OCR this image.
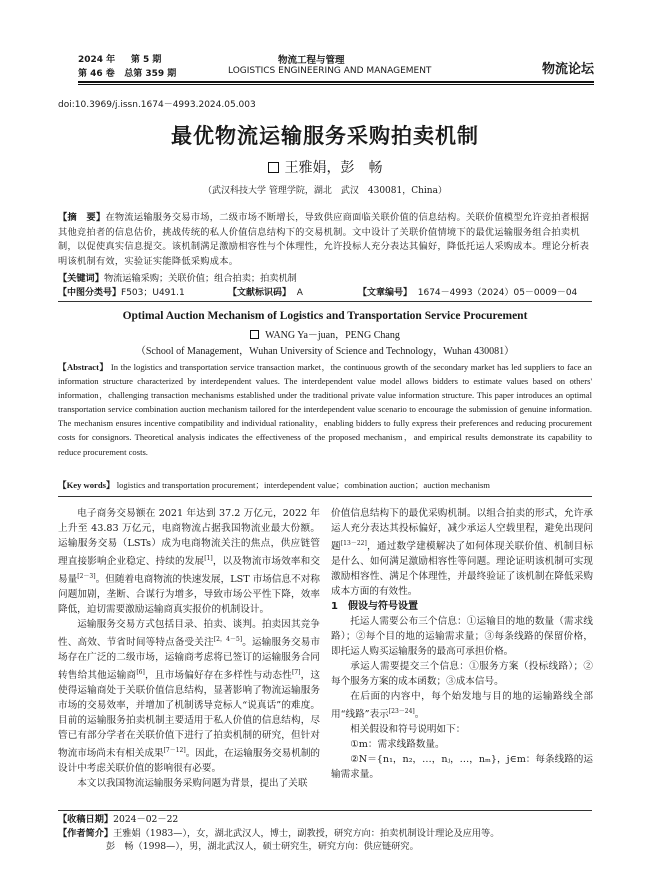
2024 年 第 5 期
第 46 卷 总第 359 期
物流工程与管理
LOGISTICS ENGINEERING AND MANAGEMENT	物流论坛
doi:10.3969/j.issn.1674－4993.2024.05.003
最优物流运输服务采购拍卖机制
王雅娟，彭　畅
（武汉科技大学 管理学院，湖北　武汉　430081，China）
【摘　要】在物流运输服务交易市场，二级市场不断增长，导致供应商面临关联价值的信息结构。关联价值模型允许竞拍者根据其他竞拍者的信息估价，挑战传统的私人价值信息结构下的交易机制。文中设计了关联价值情境下的最优运输服务组合拍卖机制，以促使真实信息提交。该机制满足激励相容性与个体理性，允许投标人充分表达其偏好，降低托运人采购成本。理论分析表明该机制有效，实验证实能降低采购成本。
【关键词】物流运输采购；关联价值；组合拍卖；拍卖机制
【中图分类号】F503；U491.1	【文献标识码】 A	【文章编号】 1674－4993（2024）05－0009－04
Optimal Auction Mechanism of Logistics and Transportation Service Procurement
WANG Ya－juan，PENG Chang
（School of Management，Wuhan University of Science and Technology，Wuhan 430081）
【Abstract】 In the logistics and transportation service transaction market，the continuous growth of the secondary market has led suppliers to face an information structure characterized by interdependent values. The interdependent value model allows bidders to estimate values based on others' information，challenging transaction mechanisms established under the traditional private value information structure. This paper introduces an optimal transportation service combination auction mechanism tailored for the interdependent value scenario to encourage the submission of genuine information. The mechanism ensures incentive compatibility and individual rationality，enabling bidders to fully express their preferences and reducing procurement costs for consignors. Theoretical analysis indicates the effectiveness of the proposed mechanism，and empirical results demonstrate its capability to reduce procurement costs.
【Key words】 logistics and transportation procurement；interdependent value；combination auction；auction mechanism

电子商务交易额在 2021 年达到 37.2 万亿元，2022 年上升至 43.83 万亿元，电商物流占据我国物流业最大份额。运输服务交易（LSTs）成为电商物流关注的焦点，供应链管理直接影响企业稳定、持续的发展[1]，以及物流市场效率和交易量[2－3]。但随着电商物流的快速发展，LST 市场信息不对称问题加剧，垄断、合谋行为增多，导致市场公平性下降，效率降低，迫切需要激励运输商真实报价的机制设计。

运输服务交易方式包括目录、拍卖、谈判。拍卖因其竞争性、高效、节省时间等特点备受关注[2，4－5]。运输服务交易市场存在广泛的二级市场，运输商考虑将已签订的运输服务合同转售给其他运输商[6]，且市场偏好存在多样性与动态性[7]，这使得运输商处于关联价值信息结构，显著影响了物流运输服务市场的交易效率，并增加了机制诱导竞标人“说真话”的难度。目前的运输服务拍卖机制主要适用于私人价值的信息结构，尽管已有部分学者在关联价值下进行了拍卖机制的研究，但针对物流市场尚未有相关成果[7－12]。因此，在运输服务交易机制的设计中考虑关联价值的影响很有必要。

本文以我国物流运输服务采购问题为背景，提出了关联

价值信息结构下的最优采购机制。以组合拍卖的形式，允许承运人充分表达其投标偏好，减少承运人空载里程，避免出现问题[13－22]，通过数学建模解决了如何体现关联价值、机制目标是什么、如何满足激励相容性等问题。理论证明该机制可实现激励相容性、满足个体理性，并最终验证了该机制在降低采购成本方面的有效性。

1　假设与符号设置

托运人需要公布三个信息：①运输目的地的数量（需求线路）；②每个目的地的运输需求量；③每条线路的保留价格，即托运人购买运输服务的最高可承担价格。

承运人需要提交三个信息：①服务方案（投标线路）；②每个服务方案的成本函数；③成本信号。

在后面的内容中，每个始发地与目的地的运输路线全部用“线路”表示[23－24]。

相关假设和符号说明如下：

①m：需求线路数量。

②N＝{n₁，n₂，…，nⱼ，…，nₘ}，j∈m：每条线路的运输需求量。

【收稿日期】2024－02－22
【作者简介】王雅娟（1983—），女，湖北武汉人，博士，副教授，研究方向：拍卖机制设计理论及应用等。
彭　畅（1998—），男，湖北武汉人，硕士研究生，研究方向：供应链研究。
